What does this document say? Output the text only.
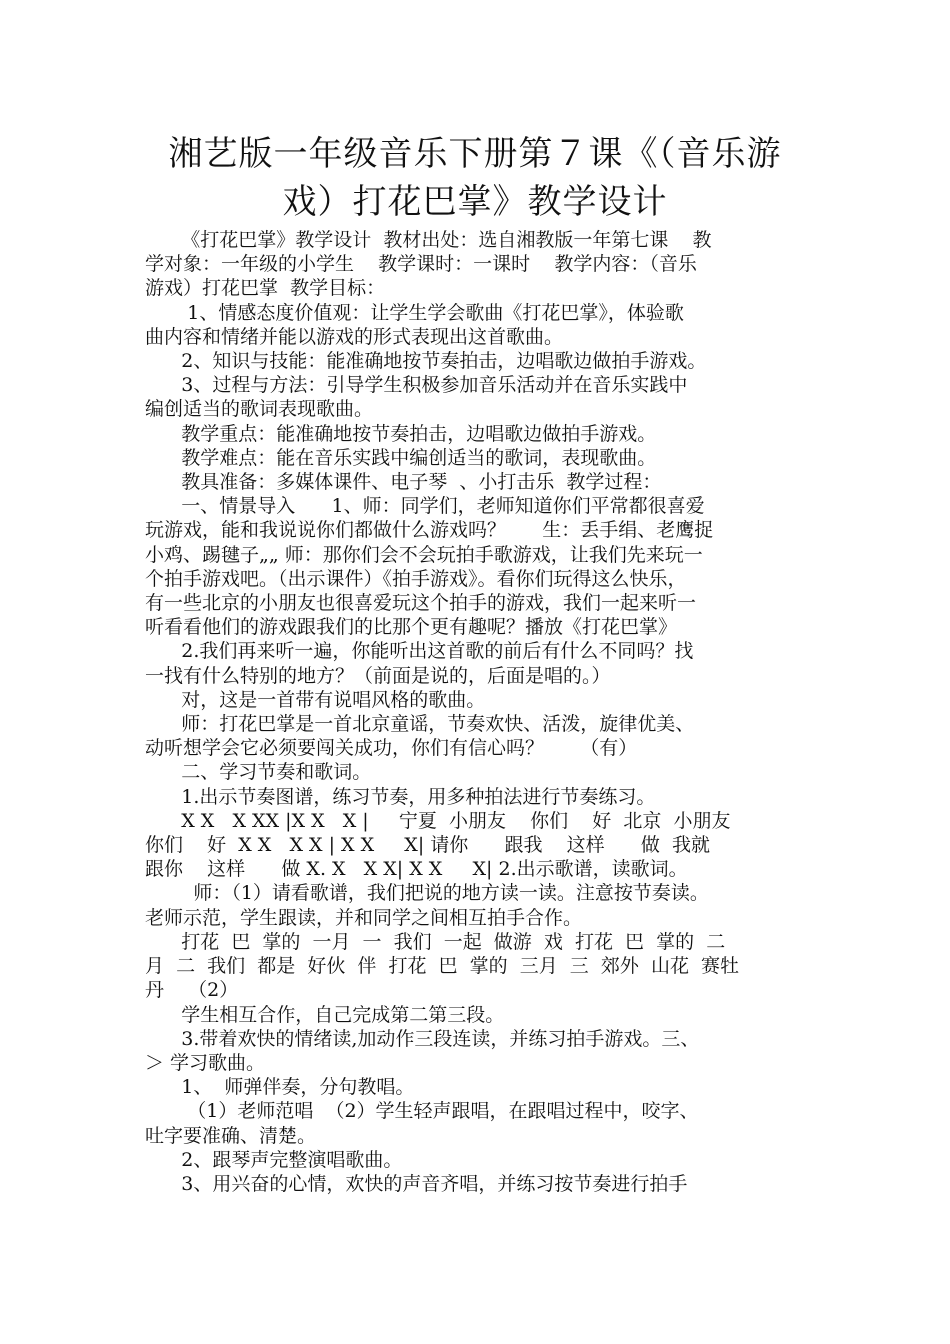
湘艺版一年级音乐下册第７课《（音乐游
戏）打花巴掌》教学设计

《打花巴掌》教学设计  教材出处：选自湘教版一年第七课    教

学对象：一年级的小学生    教学课时：一课时    教学内容：（音乐

游戏）打花巴掌  教学目标：

1、情感态度价值观：让学生学会歌曲《打花巴掌》，体验歌

曲内容和情绪并能以游戏的形式表现出这首歌曲。

2、知识与技能：能准确地按节奏拍击，边唱歌边做拍手游戏。

3、过程与方法：引导学生积极参加音乐活动并在音乐实践中

编创适当的歌词表现歌曲。

教学重点：能准确地按节奏拍击，边唱歌边做拍手游戏。

教学难点：能在音乐实践中编创适当的歌词，表现歌曲。

教具准备：多媒体课件、电子琴  、小打击乐  教学过程：

一、情景导入      1、师：同学们，老师知道你们平常都很喜爱

玩游戏，能和我说说你们都做什么游戏吗？      生：丢手绢、老鹰捉

小鸡、踢毽子„„ 师：那你们会不会玩拍手歌游戏，让我们先来玩一

个拍手游戏吧。（出示课件）《拍手游戏》。看你们玩得这么快乐，

有一些北京的小朋友也很喜爱玩这个拍手的游戏，我们一起来听一

听看看他们的游戏跟我们的比那个更有趣呢？播放《打花巴掌》

2.我们再来听一遍，你能听出这首歌的前后有什么不同吗？找

一找有什么特别的地方？（前面是说的，后面是唱的。）

对，这是一首带有说唱风格的歌曲。

师：打花巴掌是一首北京童谣，节奏欢快、活泼，旋律优美、

动听想学会它必须要闯关成功，你们有信心吗？      （有）

二、学习节奏和歌词。

1.出示节奏图谱，练习节奏，用多种拍法进行节奏练习。

X X   X XX |X X   X |     宁夏  小朋友    你们    好  北京  小朋友

你们    好  X X   X X | X X     X| 请你      跟我    这样      做  我就

跟你    这样      做 X. X   X X| X X     X| 2.出示歌谱，读歌词。

师：（1）请看歌谱，我们把说的地方读一读。注意按节奏读。

老师示范，学生跟读，并和同学之间相互拍手合作。

打花  巴  掌的  一月  一  我们  一起  做游  戏  打花  巴  掌的  二

月  二  我们  都是  好伙  伴  打花  巴  掌的  三月  三  郊外  山花  赛牡

丹    （2）

学生相互合作，自己完成第二第三段。

3.带着欢快的情绪读,加动作三段连读，并练习拍手游戏。三、

＞ 学习歌曲。

1、  师弹伴奏，分句教唱。

（1）老师范唱  （2）学生轻声跟唱，在跟唱过程中，咬字、

吐字要准确、清楚。

2、跟琴声完整演唱歌曲。

3、用兴奋的心情，欢快的声音齐唱，并练习按节奏进行拍手
